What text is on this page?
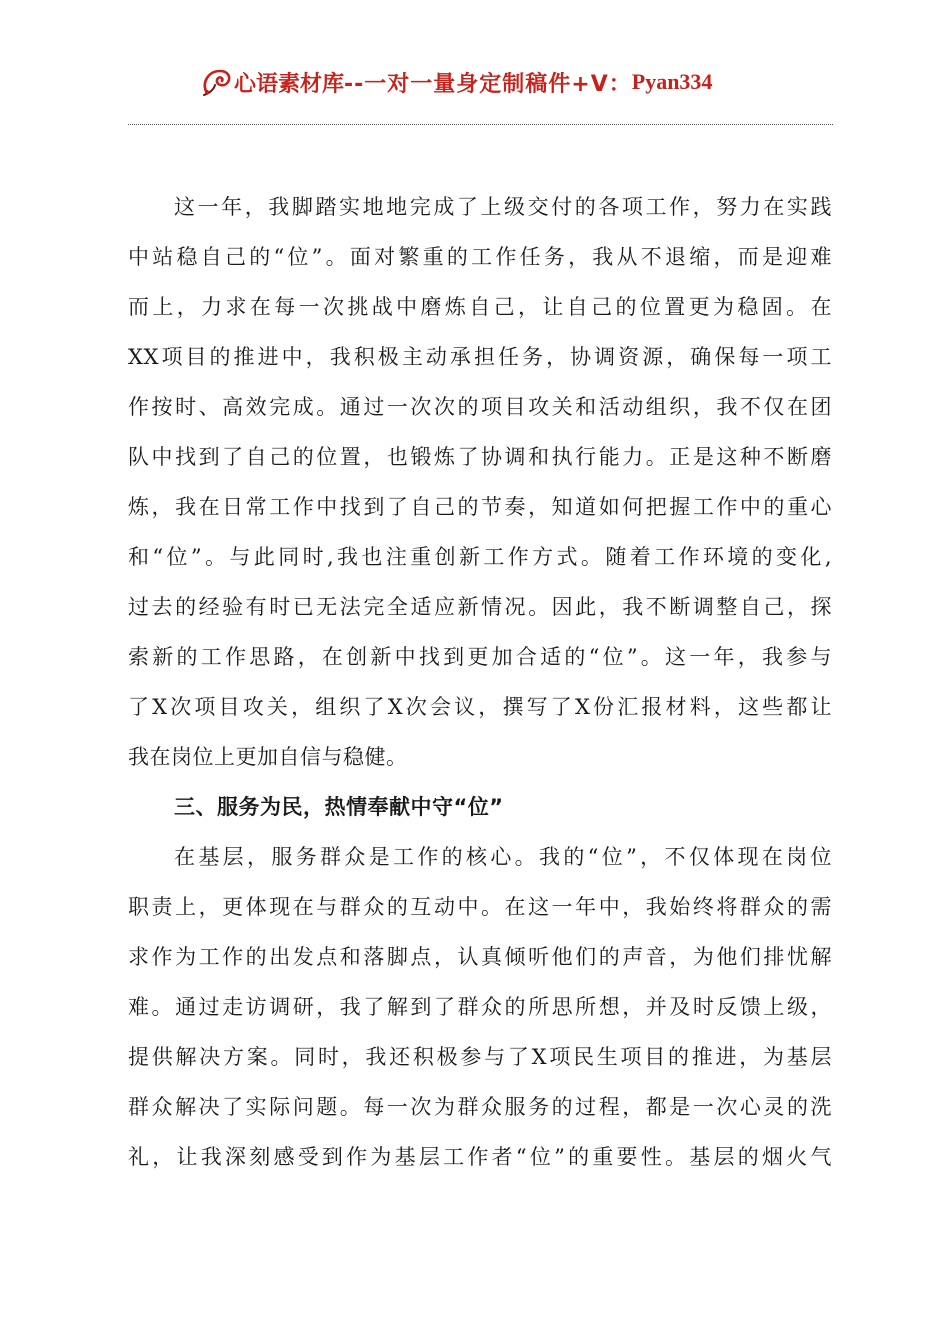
心语素材库 --一对一量身定制稿件+V： Pyan334
这一年，我脚踏实地地完成了上级交付的各项工作，努力在实践
中站稳自己的“位”。面对繁重的工作任务，我从不退缩，而是迎难
而上，力求在每一次挑战中磨炼自己，让自己的位置更为稳固。在
XX项目的推进中，我积极主动承担任务，协调资源，确保每一项工
作按时、高效完成。通过一次次的项目攻关和活动组织，我不仅在团
队中找到了自己的位置，也锻炼了协调和执行能力。正是这种不断磨
炼，我在日常工作中找到了自己的节奏，知道如何把握工作中的重心
和“位”。与此同时,我也注重创新工作方式。随着工作环境的变化,
过去的经验有时已无法完全适应新情况。因此，我不断调整自己，探
索新的工作思路，在创新中找到更加合适的“位”。这一年，我参与
了X次项目攻关，组织了X次会议，撰写了X份汇报材料，这些都让
我在岗位上更加自信与稳健。
三、服务为民，热情奉献中守“位”
在基层，服务群众是工作的核心。我的“位”，不仅体现在岗位
职责上，更体现在与群众的互动中。在这一年中，我始终将群众的需
求作为工作的出发点和落脚点，认真倾听他们的声音，为他们排忧解
难。通过走访调研，我了解到了群众的所思所想，并及时反馈上级，
提供解决方案。同时，我还积极参与了X项民生项目的推进，为基层
群众解决了实际问题。每一次为群众服务的过程，都是一次心灵的洗
礼，让我深刻感受到作为基层工作者“位”的重要性。基层的烟火气
